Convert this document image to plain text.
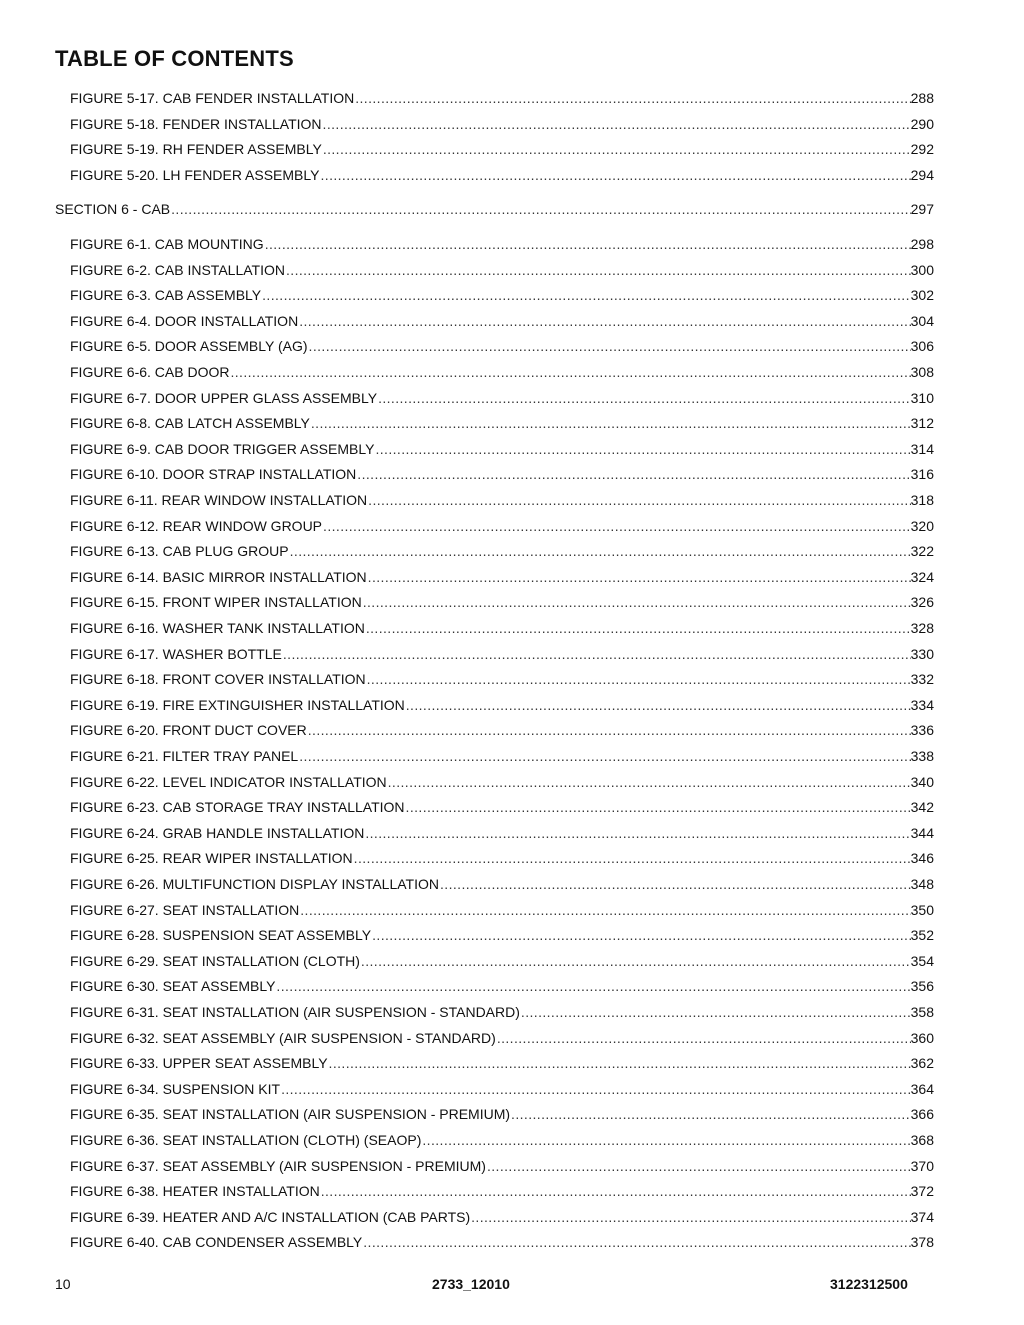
TABLE OF CONTENTS
FIGURE 5-17. CAB FENDER INSTALLATION .....	288
FIGURE 5-18. FENDER INSTALLATION .....	290
FIGURE 5-19. RH FENDER ASSEMBLY .....	292
FIGURE 5-20. LH FENDER ASSEMBLY .....	294
SECTION 6 - CAB .....	297
FIGURE 6-1. CAB MOUNTING .....	298
FIGURE 6-2. CAB INSTALLATION .....	300
FIGURE 6-3. CAB ASSEMBLY .....	302
FIGURE 6-4. DOOR INSTALLATION .....	304
FIGURE 6-5. DOOR ASSEMBLY (AG) .....	306
FIGURE 6-6. CAB DOOR .....	308
FIGURE 6-7. DOOR UPPER GLASS ASSEMBLY .....	310
FIGURE 6-8. CAB LATCH ASSEMBLY .....	312
FIGURE 6-9. CAB DOOR TRIGGER ASSEMBLY .....	314
FIGURE 6-10. DOOR STRAP INSTALLATION .....	316
FIGURE 6-11. REAR WINDOW INSTALLATION .....	318
FIGURE 6-12. REAR WINDOW GROUP .....	320
FIGURE 6-13. CAB PLUG GROUP .....	322
FIGURE 6-14. BASIC MIRROR INSTALLATION .....	324
FIGURE 6-15. FRONT WIPER INSTALLATION .....	326
FIGURE 6-16. WASHER TANK INSTALLATION .....	328
FIGURE 6-17. WASHER BOTTLE .....	330
FIGURE 6-18. FRONT COVER INSTALLATION .....	332
FIGURE 6-19. FIRE EXTINGUISHER INSTALLATION .....	334
FIGURE 6-20. FRONT DUCT COVER .....	336
FIGURE 6-21. FILTER TRAY PANEL .....	338
FIGURE 6-22. LEVEL INDICATOR INSTALLATION .....	340
FIGURE 6-23. CAB STORAGE TRAY INSTALLATION .....	342
FIGURE 6-24. GRAB HANDLE INSTALLATION .....	344
FIGURE 6-25. REAR WIPER INSTALLATION .....	346
FIGURE 6-26. MULTIFUNCTION DISPLAY INSTALLATION .....	348
FIGURE 6-27. SEAT INSTALLATION .....	350
FIGURE 6-28. SUSPENSION SEAT ASSEMBLY .....	352
FIGURE 6-29. SEAT INSTALLATION (CLOTH) .....	354
FIGURE 6-30. SEAT ASSEMBLY .....	356
FIGURE 6-31. SEAT INSTALLATION (AIR SUSPENSION - STANDARD) .....	358
FIGURE 6-32. SEAT ASSEMBLY (AIR SUSPENSION - STANDARD) .....	360
FIGURE 6-33. UPPER SEAT ASSEMBLY .....	362
FIGURE 6-34. SUSPENSION KIT .....	364
FIGURE 6-35. SEAT INSTALLATION (AIR SUSPENSION - PREMIUM) .....	366
FIGURE 6-36. SEAT INSTALLATION (CLOTH) (SEAOP) .....	368
FIGURE 6-37. SEAT ASSEMBLY (AIR SUSPENSION - PREMIUM) .....	370
FIGURE 6-38. HEATER INSTALLATION .....	372
FIGURE 6-39. HEATER AND A/C INSTALLATION (CAB PARTS) .....	374
FIGURE 6-40. CAB CONDENSER ASSEMBLY .....	378
10	2733_12010	3122312500
